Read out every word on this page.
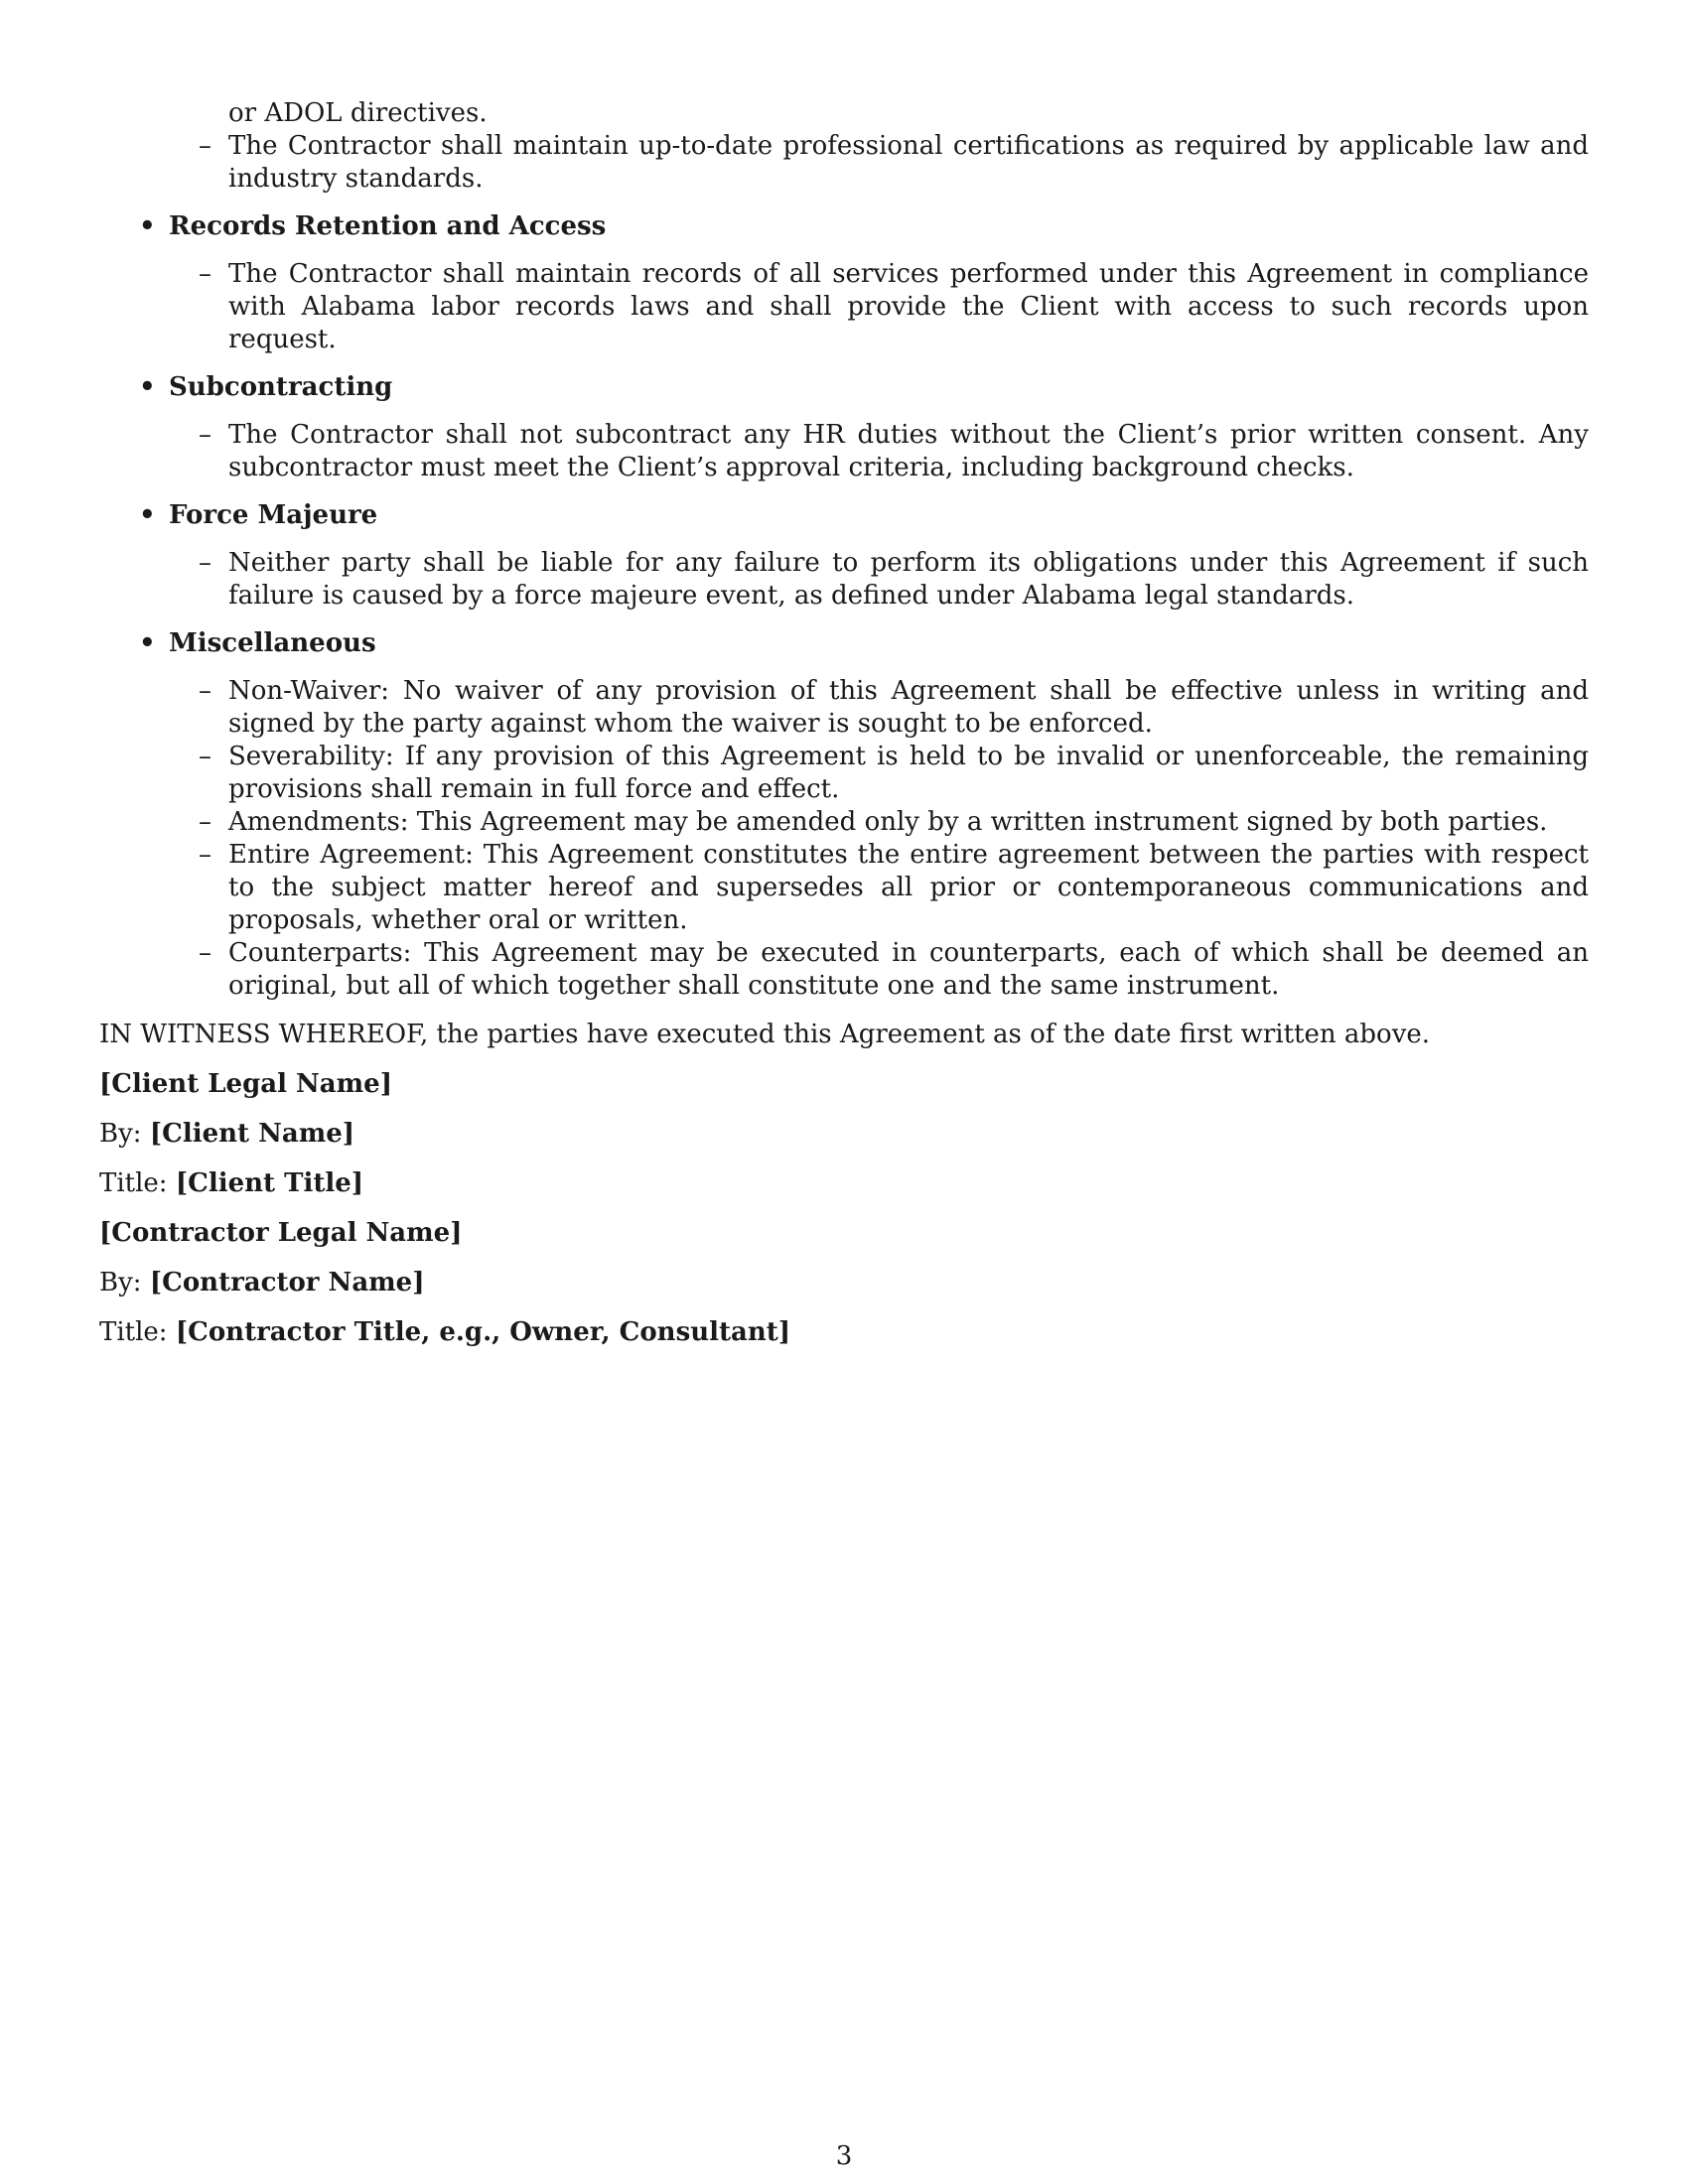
or ADOL directives.
– The Contractor shall maintain up-to-date professional certifications as required by applicable law and industry standards.
• Records Retention and Access
– The Contractor shall maintain records of all services performed under this Agreement in compliance with Alabama labor records laws and shall provide the Client with access to such records upon request.
• Subcontracting
– The Contractor shall not subcontract any HR duties without the Client’s prior written consent. Any subcontractor must meet the Client’s approval criteria, including background checks.
• Force Majeure
– Neither party shall be liable for any failure to perform its obligations under this Agreement if such failure is caused by a force majeure event, as defined under Alabama legal standards.
• Miscellaneous
– Non-Waiver: No waiver of any provision of this Agreement shall be effective unless in writing and signed by the party against whom the waiver is sought to be enforced.
– Severability: If any provision of this Agreement is held to be invalid or unenforceable, the remaining provisions shall remain in full force and effect.
– Amendments: This Agreement may be amended only by a written instrument signed by both parties.
– Entire Agreement: This Agreement constitutes the entire agreement between the parties with respect to the subject matter hereof and supersedes all prior or contemporaneous communications and proposals, whether oral or written.
– Counterparts: This Agreement may be executed in counterparts, each of which shall be deemed an original, but all of which together shall constitute one and the same instrument.
IN WITNESS WHEREOF, the parties have executed this Agreement as of the date first written above.
[Client Legal Name]
By: [Client Name]
Title: [Client Title]
[Contractor Legal Name]
By: [Contractor Name]
Title: [Contractor Title, e.g., Owner, Consultant]
3
